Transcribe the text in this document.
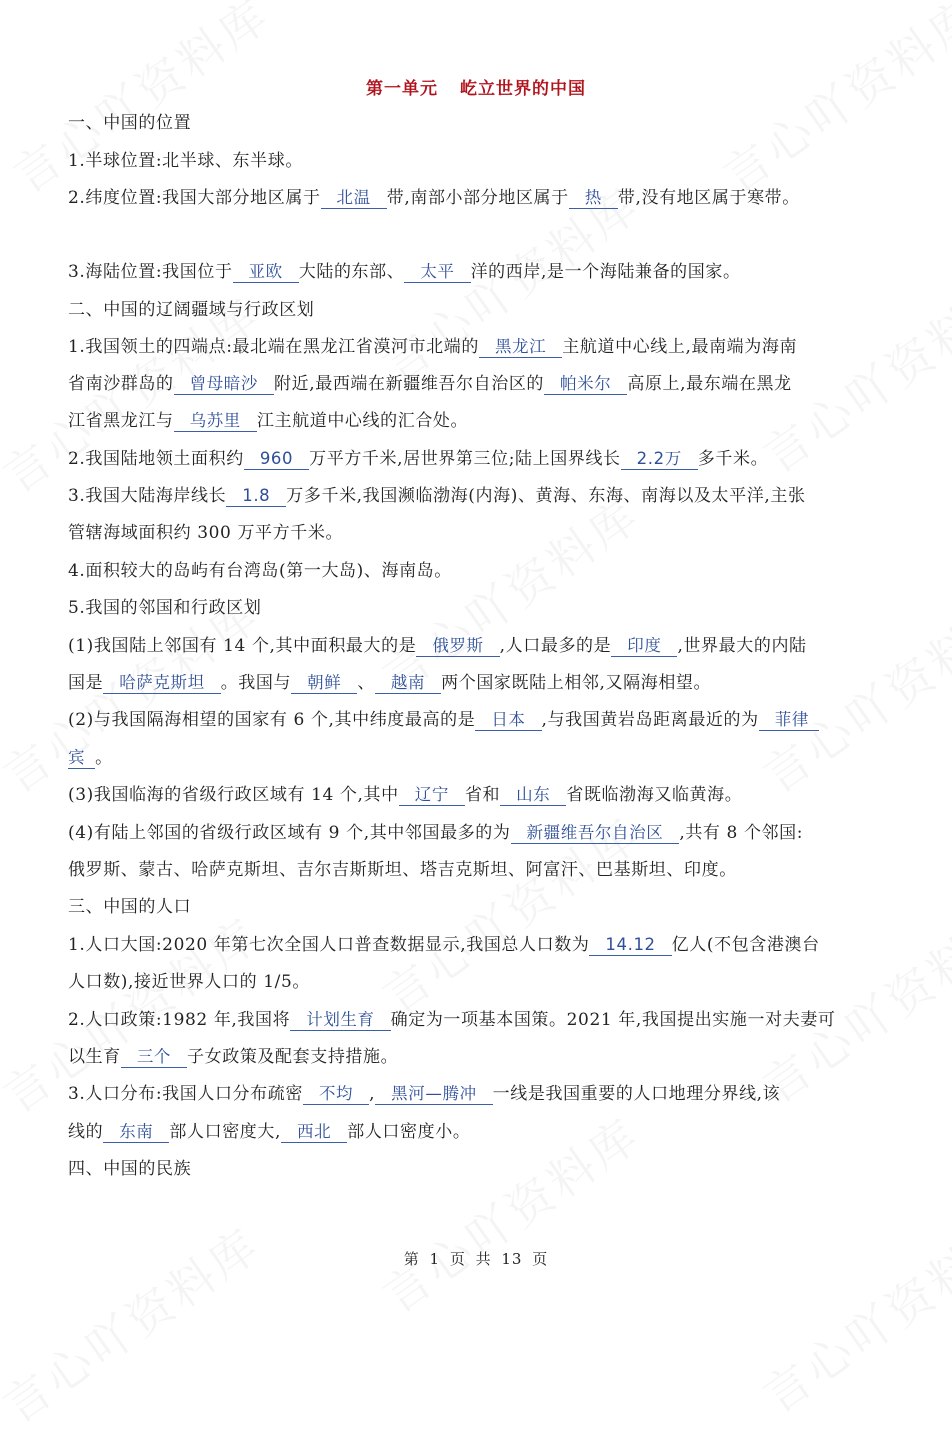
第一单元 屹立世界的中国
一、中国的位置
1.半球位置:北半球、东半球。
2.纬度位置:我国大部分地区属于 北温 带,南部小部分地区属于 热 带,没有地区属于寒带。
3.海陆位置:我国位于 亚欧 大陆的东部、 太平 洋的西岸,是一个海陆兼备的国家。
二、中国的辽阔疆域与行政区划
1.我国领土的四端点:最北端在黑龙江省漠河市北端的 黑龙江 主航道中心线上,最南端为海南
省南沙群岛的 曾母暗沙 附近,最西端在新疆维吾尔自治区的 帕米尔 高原上,最东端在黑龙
江省黑龙江与 乌苏里 江主航道中心线的汇合处。
2.我国陆地领土面积约 960 万平方千米,居世界第三位;陆上国界线长 2.2万 多千米。
3.我国大陆海岸线长 1.8 万多千米,我国濒临渤海(内海)、黄海、东海、南海以及太平洋,主张
管辖海域面积约 300 万平方千米。
4.面积较大的岛屿有台湾岛(第一大岛)、海南岛。
5.我国的邻国和行政区划
(1)我国陆上邻国有 14 个,其中面积最大的是 俄罗斯 ,人口最多的是 印度 ,世界最大的内陆
国是 哈萨克斯坦 。我国与 朝鲜 、 越南 两个国家既陆上相邻,又隔海相望。
(2)与我国隔海相望的国家有 6 个,其中纬度最高的是 日本 ,与我国黄岩岛距离最近的为 菲律
宾 。
(3)我国临海的省级行政区域有 14 个,其中 辽宁 省和 山东 省既临渤海又临黄海。
(4)有陆上邻国的省级行政区域有 9 个,其中邻国最多的为 新疆维吾尔自治区 ,共有 8 个邻国:
俄罗斯、蒙古、哈萨克斯坦、吉尔吉斯斯坦、塔吉克斯坦、阿富汗、巴基斯坦、印度。
三、中国的人口
1.人口大国:2020 年第七次全国人口普查数据显示,我国总人口数为 14.12 亿人(不包含港澳台
人口数),接近世界人口的 1/5。
2.人口政策:1982 年,我国将 计划生育 确定为一项基本国策。2021 年,我国提出实施一对夫妻可
以生育 三个 子女政策及配套支持措施。
3.人口分布:我国人口分布疏密 不均 , 黑河—腾冲 一线是我国重要的人口地理分界线,该
线的 东南 部人口密度大, 西北 部人口密度小。
四、中国的民族
第 1 页 共 13 页
